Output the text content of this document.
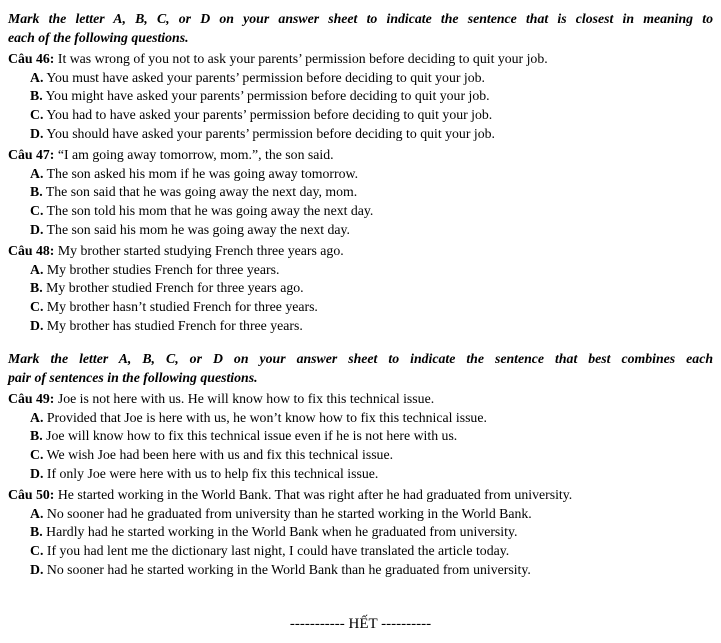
Mark the letter A, B, C, or D on your answer sheet to indicate the sentence that is closest in meaning to
each of the following questions.

Câu 46: It was wrong of you not to ask your parents’ permission before deciding to quit your job.

A. You must have asked your parents’ permission before deciding to quit your job.

B. You might have asked your parents’ permission before deciding to quit your job.

C. You had to have asked your parents’ permission before deciding to quit your job.

D. You should have asked your parents’ permission before deciding to quit your job.

Câu 47: “I am going away tomorrow, mom.”, the son said.

A. The son asked his mom if he was going away tomorrow.

B. The son said that he was going away the next day, mom.

C. The son told his mom that he was going away the next day.

D. The son said his mom he was going away the next day.

Câu 48: My brother started studying French three years ago.

A. My brother studies French for three years.

B. My brother studied French for three years ago.

C. My brother hasn’t studied French for three years.

D. My brother has studied French for three years.

Mark the letter A, B, C, or D on your answer sheet to indicate the sentence that best combines each
pair of sentences in the following questions.

Câu 49: Joe is not here with us. He will know how to fix this technical issue.

A. Provided that Joe is here with us, he won’t know how to fix this technical issue.

B. Joe will know how to fix this technical issue even if he is not here with us.

C. We wish Joe had been here with us and fix this technical issue.

D. If only Joe were here with us to help fix this technical issue.

Câu 50: He started working in the World Bank. That was right after he had graduated from university.

A. No sooner had he graduated from university than he started working in the World Bank.

B. Hardly had he started working in the World Bank when he graduated from university.

C. If you had lent me the dictionary last night, I could have translated the article today.

D. No sooner had he started working in the World Bank than he graduated from university.

----------- HẾT ----------
